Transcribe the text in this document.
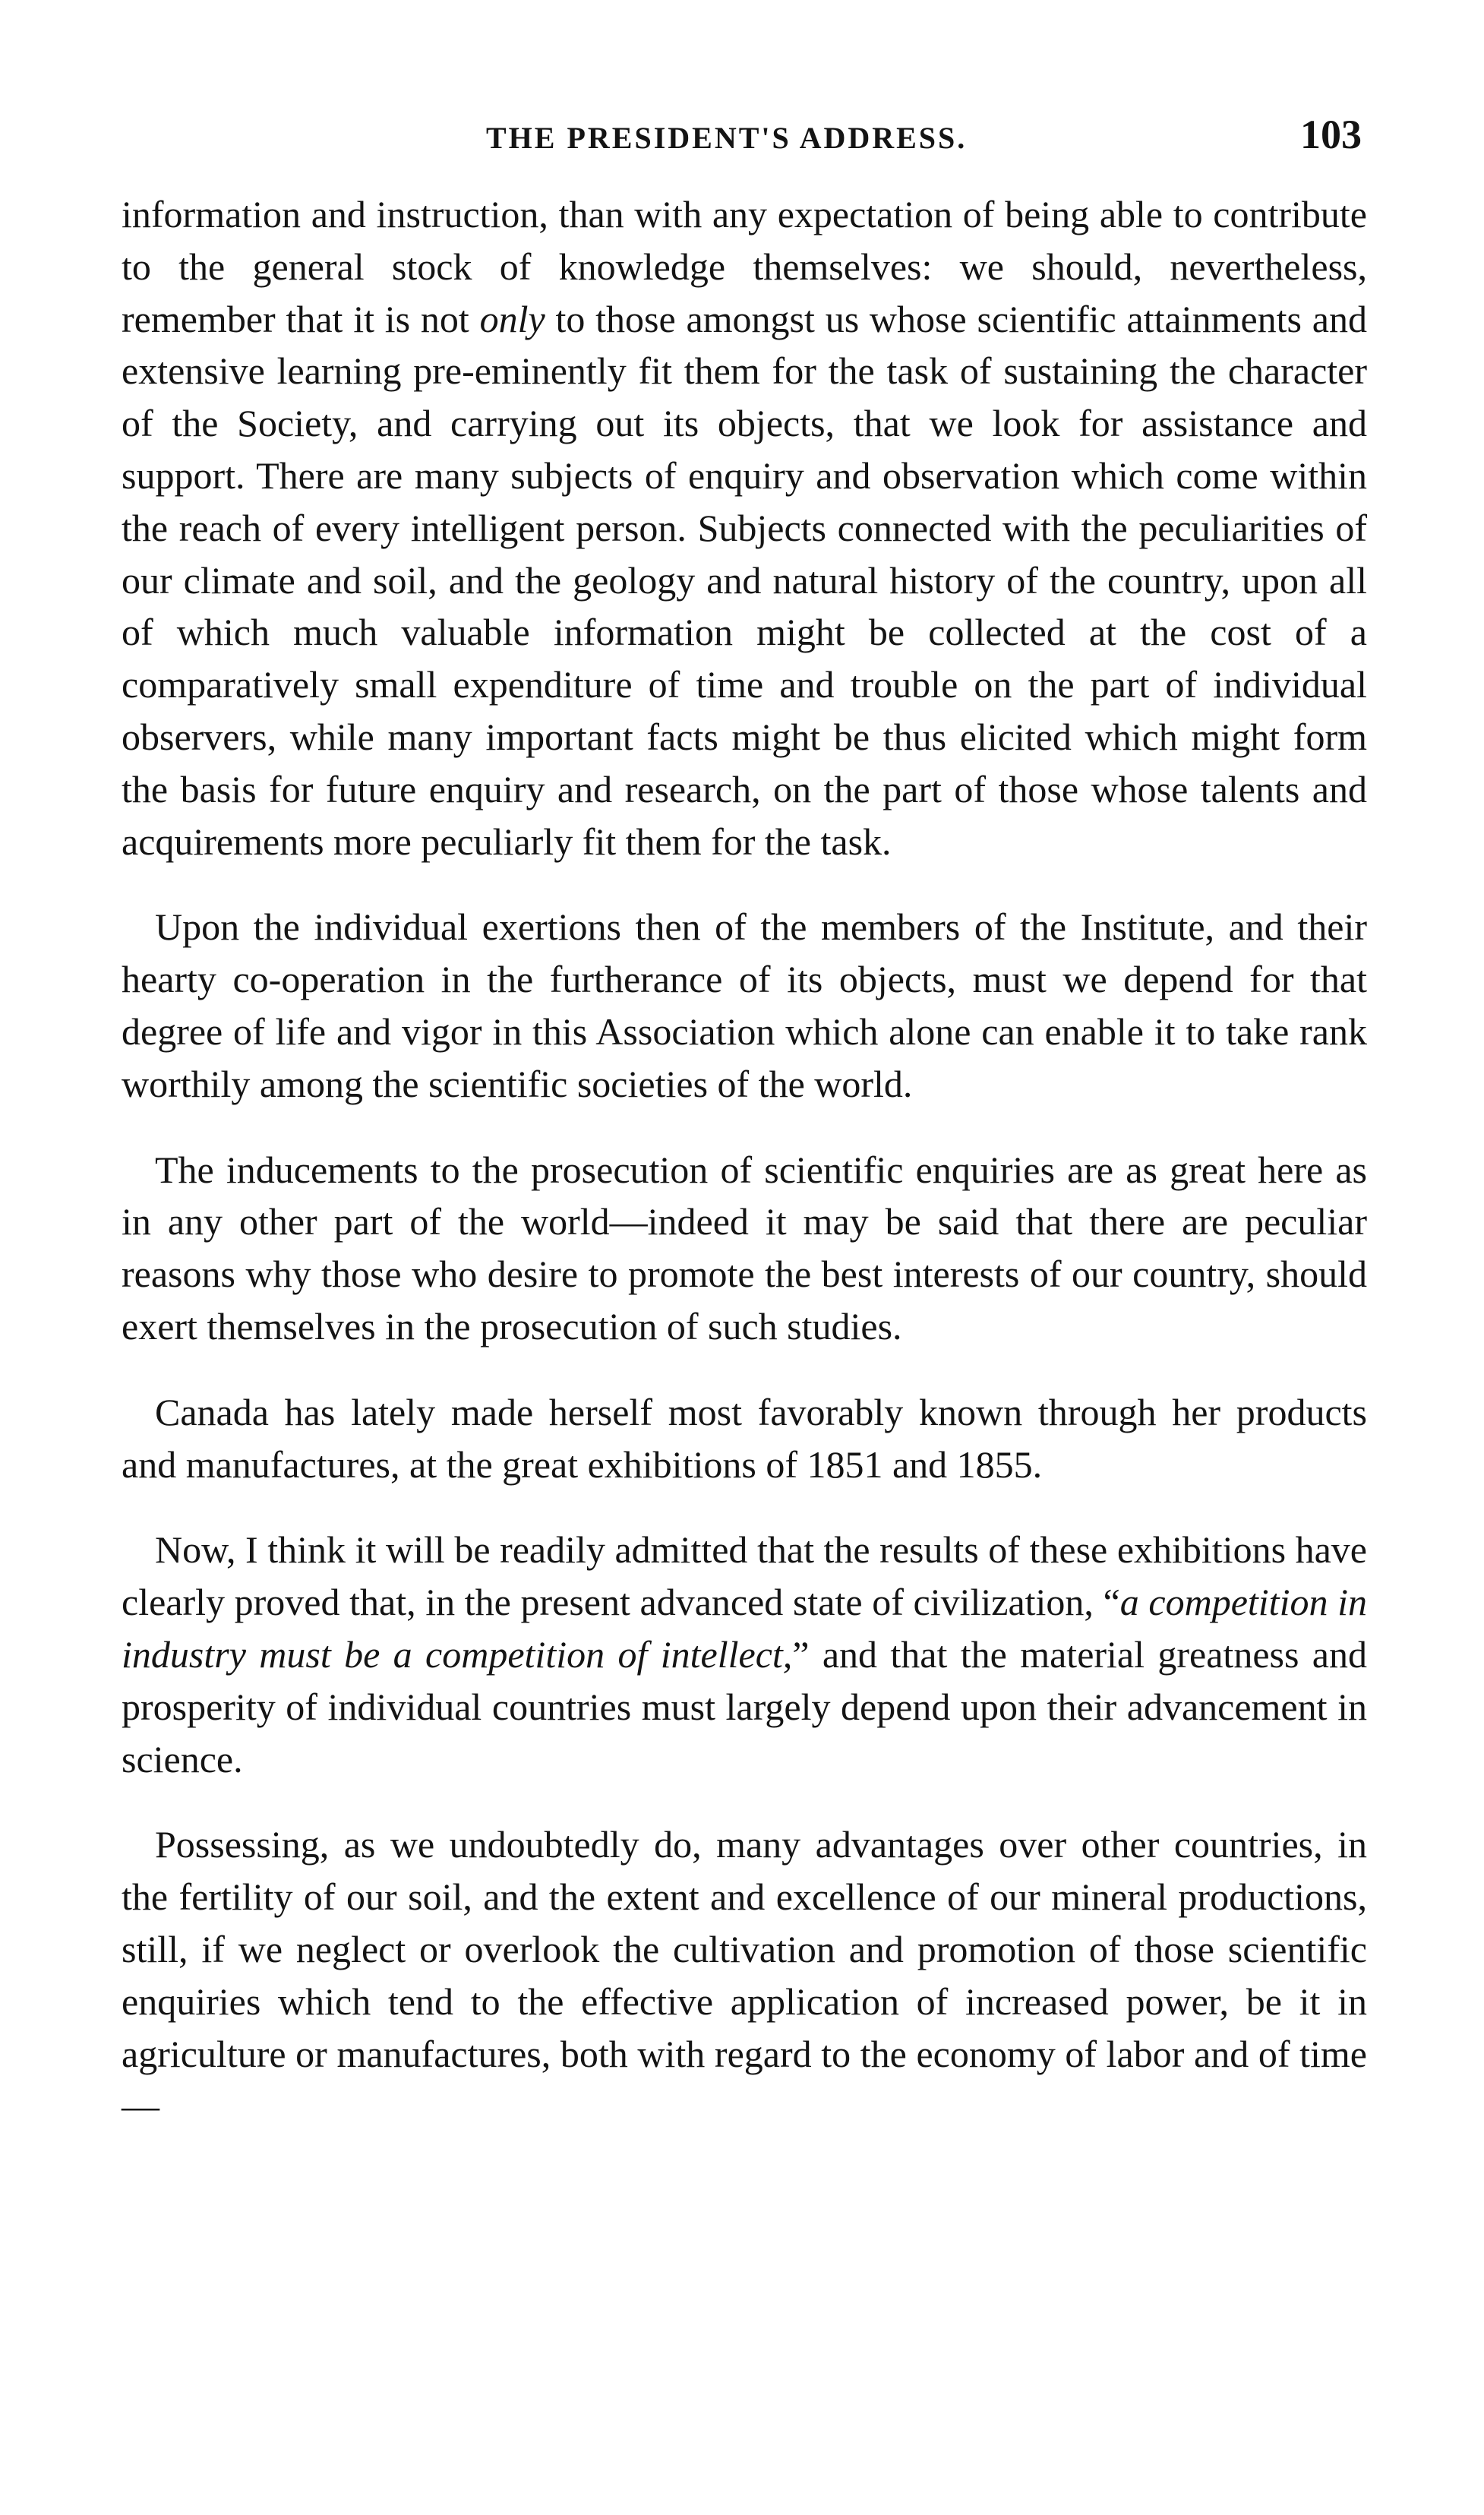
THE PRESIDENT'S ADDRESS.	103

information and instruction, than with any expectation of being able to contribute to the general stock of knowledge themselves: we should, nevertheless, remember that it is not only to those amongst us whose scientific attainments and extensive learning pre-eminently fit them for the task of sustaining the character of the Society, and carrying out its objects, that we look for assistance and support. There are many subjects of enquiry and observation which come within the reach of every intelligent person. Subjects connected with the peculiarities of our climate and soil, and the geology and natural history of the country, upon all of which much valuable information might be collected at the cost of a comparatively small expenditure of time and trouble on the part of individual observers, while many important facts might be thus elicited which might form the basis for future enquiry and research, on the part of those whose talents and acquirements more peculiarly fit them for the task.

Upon the individual exertions then of the members of the Institute, and their hearty co-operation in the furtherance of its objects, must we depend for that degree of life and vigor in this Association which alone can enable it to take rank worthily among the scientific societies of the world.

The inducements to the prosecution of scientific enquiries are as great here as in any other part of the world—indeed it may be said that there are peculiar reasons why those who desire to promote the best interests of our country, should exert themselves in the prosecution of such studies.

Canada has lately made herself most favorably known through her products and manufactures, at the great exhibitions of 1851 and 1855.

Now, I think it will be readily admitted that the results of these exhibitions have clearly proved that, in the present advanced state of civilization, “a competition in industry must be a competition of intellect,” and that the material greatness and prosperity of individual countries must largely depend upon their advancement in science.

Possessing, as we undoubtedly do, many advantages over other countries, in the fertility of our soil, and the extent and excellence of our mineral productions, still, if we neglect or overlook the cultivation and promotion of those scientific enquiries which tend to the effective application of increased power, be it in agriculture or manufactures, both with regard to the economy of labor and of time—
